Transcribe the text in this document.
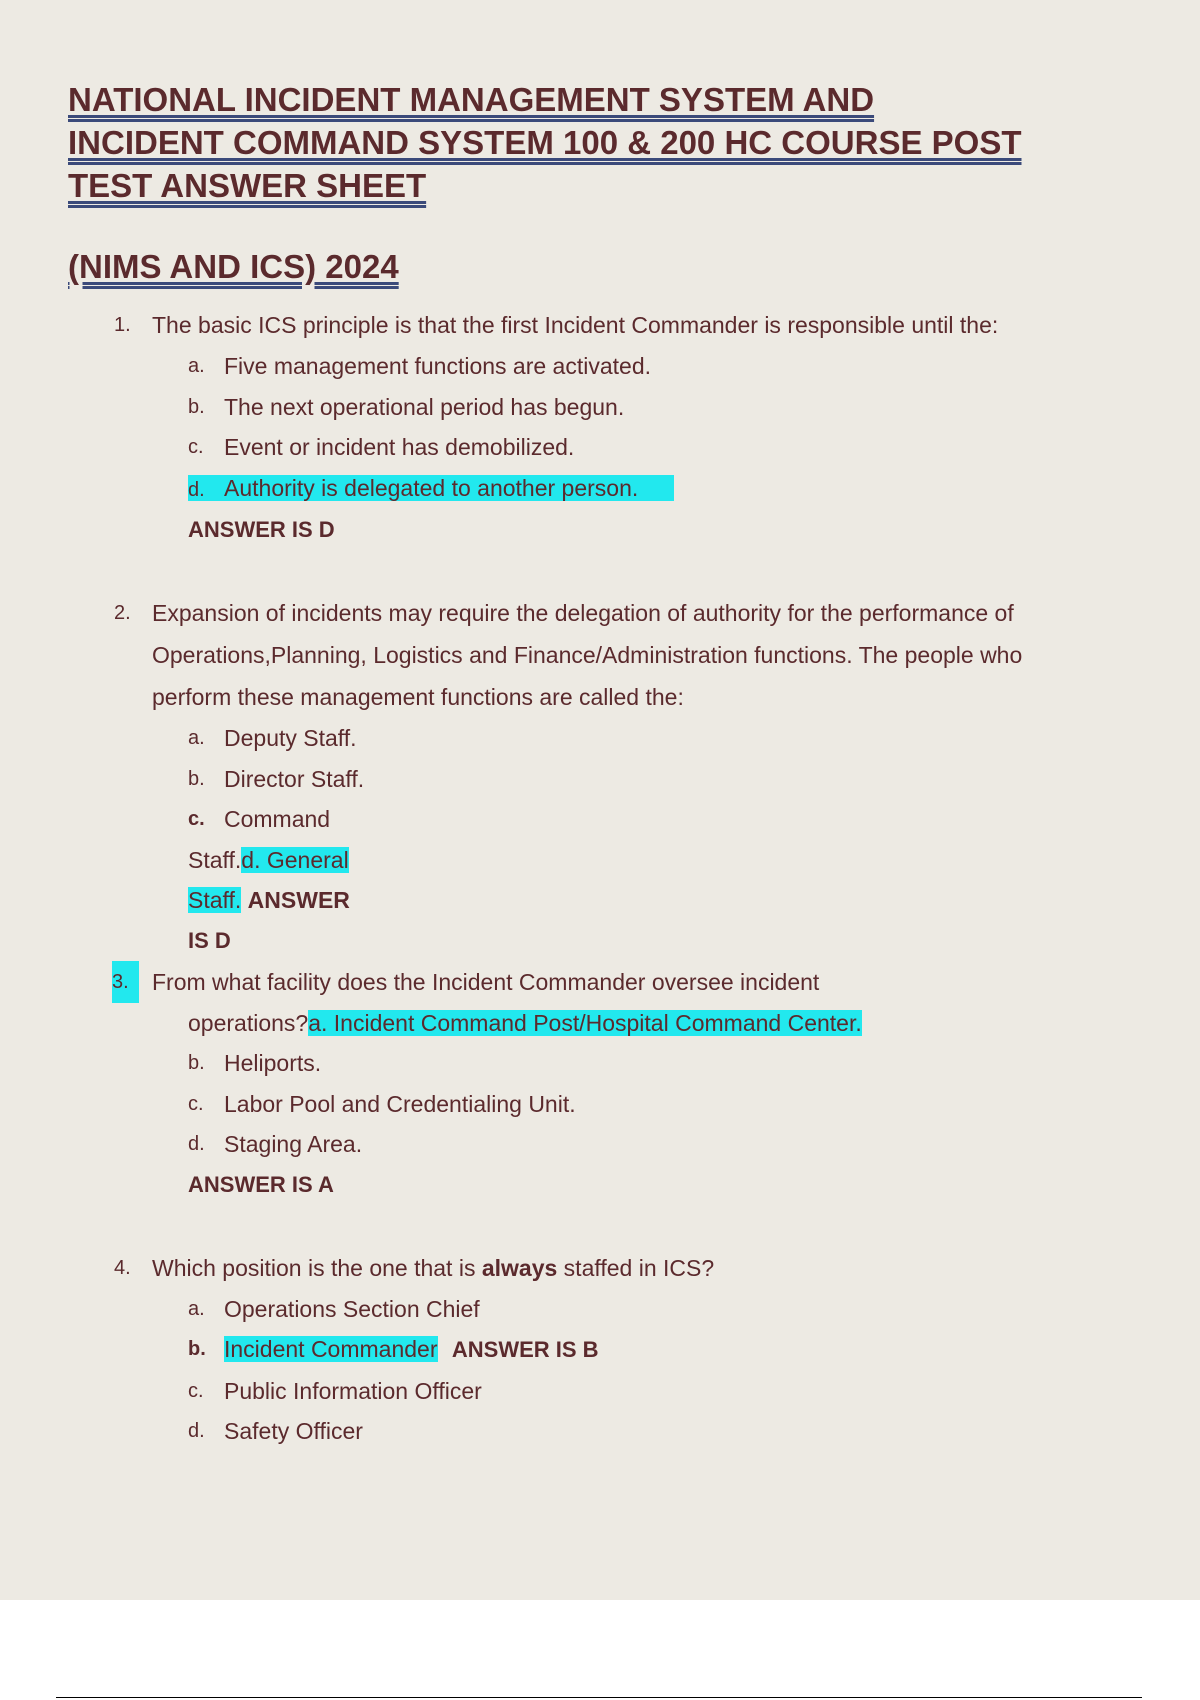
NATIONAL INCIDENT MANAGEMENT SYSTEM AND
INCIDENT COMMAND SYSTEM 100 & 200 HC COURSE POST
TEST ANSWER SHEET
(NIMS AND ICS) 2024
1. The basic ICS principle is that the first Incident Commander is responsible until the:
a. Five management functions are activated.
b. The next operational period has begun.
c. Event or incident has demobilized.
d. Authority is delegated to another person.
ANSWER IS D
2. Expansion of incidents may require the delegation of authority for the performance of
Operations,Planning, Logistics and Finance/Administration functions. The people who
perform these management functions are called the:
a. Deputy Staff.
b. Director Staff.
c. Command
Staff.d. General
Staff. ANSWER
IS D
3.	From what facility does the Incident Commander oversee incident
operations?a. Incident Command Post/Hospital Command Center.
b. Heliports.
c. Labor Pool and Credentialing Unit.
d. Staging Area.
ANSWER IS A
4. Which position is the one that is always staffed in ICS?
a. Operations Section Chief
b. Incident Commander ANSWER IS B
c. Public Information Officer
d. Safety Officer
